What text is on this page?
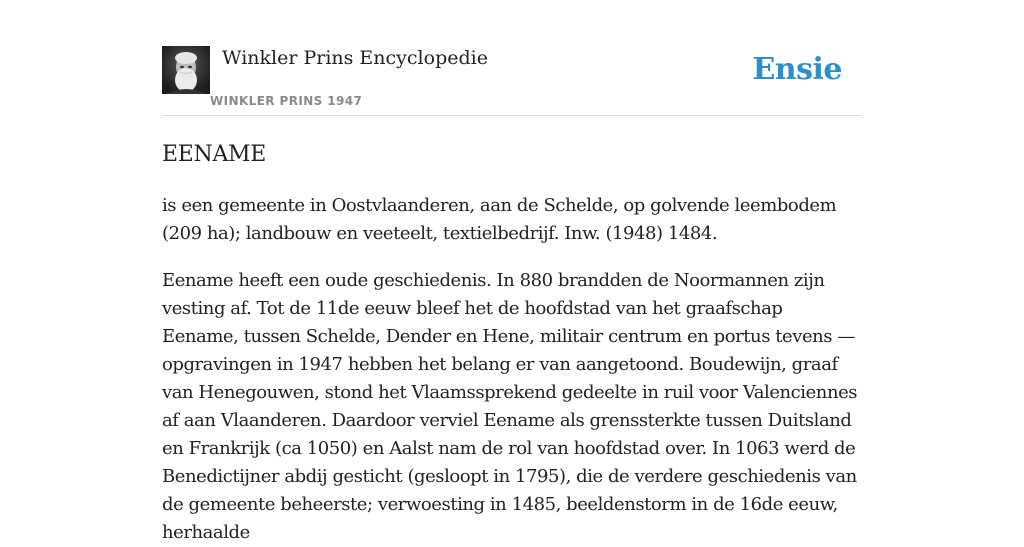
Winkler Prins Encyclopedie
WINKLER PRINS 1947
Ensie
EENAME

is een gemeente in Oostvlaanderen, aan de Schelde, op golvende leembodem (209 ha); landbouw en veeteelt, textielbedrijf. Inw. (1948) 1484.

Eename heeft een oude geschiedenis. In 880 brandden de Noormannen zijn vesting af. Tot de 11de eeuw bleef het de hoofdstad van het graafschap Eename, tussen Schelde, Dender en Hene, militair centrum en portus tevens — opgravingen in 1947 hebben het belang er van aangetoond. Boudewijn, graaf van Henegouwen, stond het Vlaamssprekend gedeelte in ruil voor Valenciennes af aan Vlaanderen. Daardoor verviel Eename als grenssterkte tussen Duitsland en Frankrijk (ca 1050) en Aalst nam de rol van hoofdstad over. In 1063 werd de Benedictijner abdij gesticht (gesloopt in 1795), die de verdere geschiedenis van de gemeente beheerste; verwoesting in 1485, beeldenstorm in de 16de eeuw, herhaalde
